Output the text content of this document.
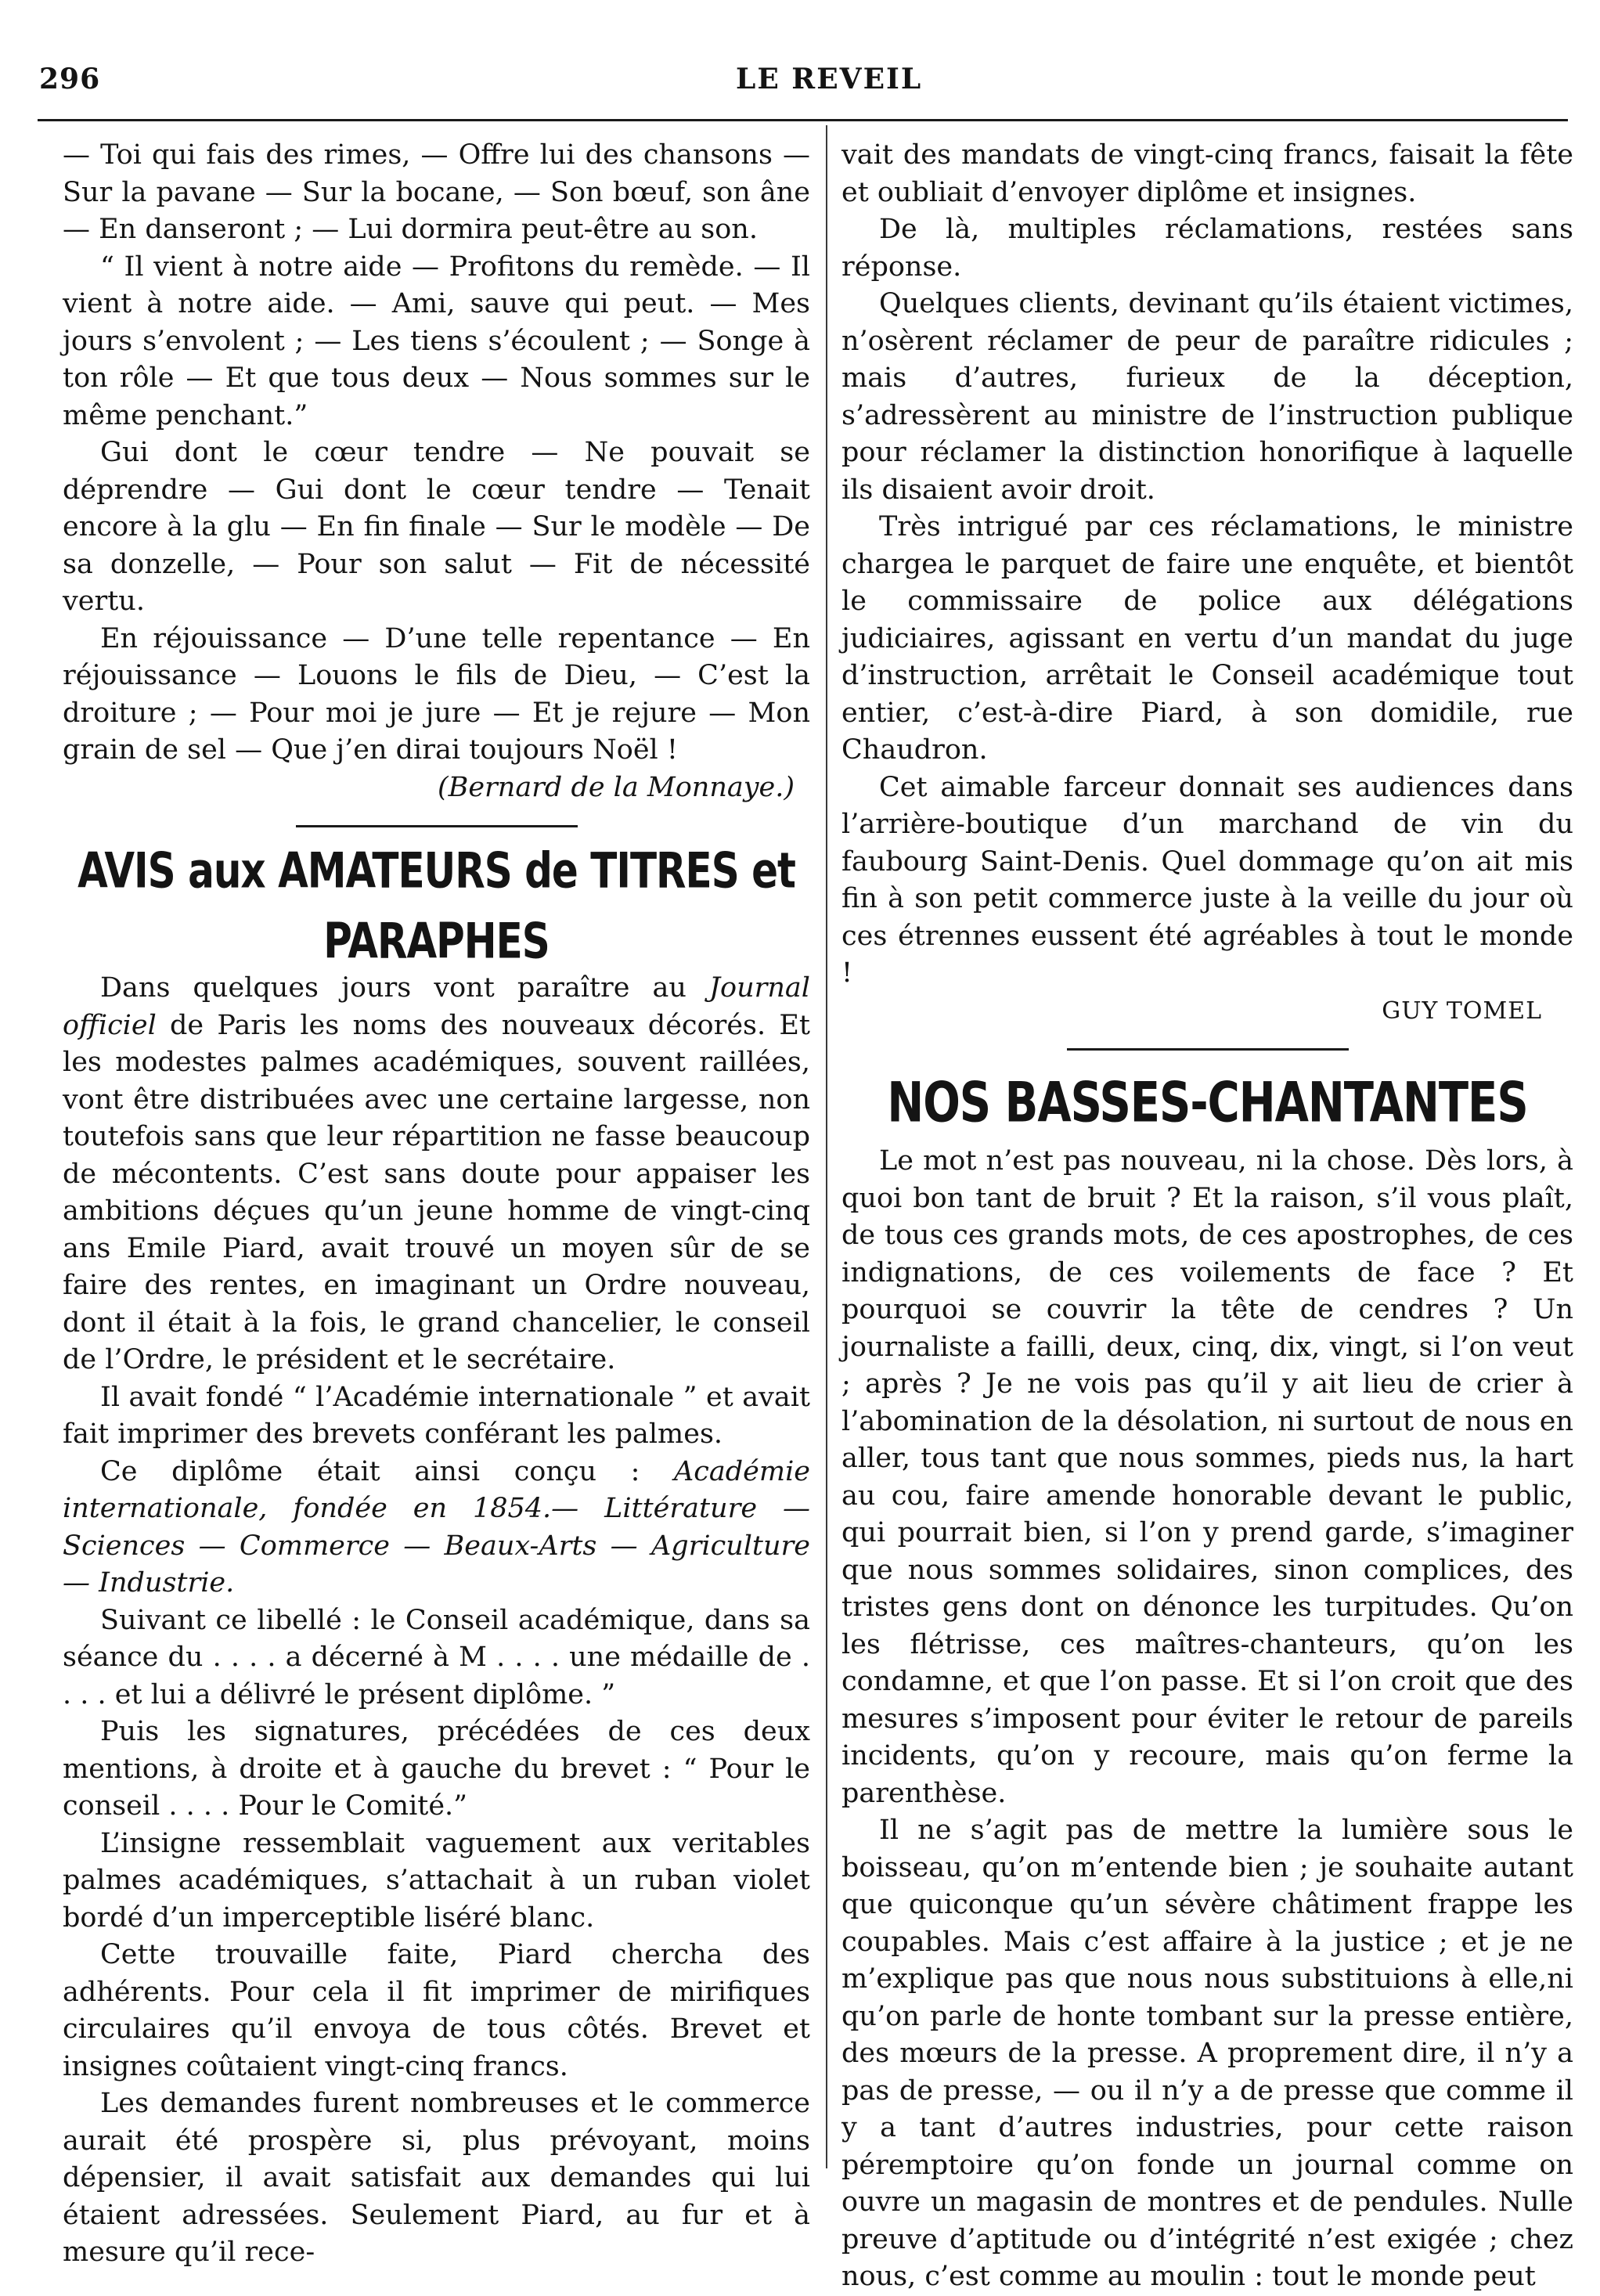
296	LE REVEIL

— Toi qui fais des rimes, — Offre lui des chansons — Sur la pavane — Sur la bocane, — Son bœuf, son âne — En danseront ; — Lui dormira peut-être au son.

“ Il vient à notre aide — Profitons du remède. — Il vient à notre aide. — Ami, sauve qui peut. — Mes jours s’envolent ; — Les tiens s’écoulent ; — Songe à ton rôle — Et que tous deux — Nous sommes sur le même penchant.”

Gui dont le cœur tendre — Ne pouvait se déprendre — Gui dont le cœur tendre — Tenait encore à la glu — En fin finale — Sur le modèle — De sa donzelle, — Pour son salut — Fit de nécessité vertu.

En réjouissance — D’une telle repentance — En réjouissance — Louons le fils de Dieu, — C’est la droiture ; — Pour moi je jure — Et je rejure — Mon grain de sel — Que j’en dirai toujours Noël !

(Bernard de la Monnaye.)

AVIS aux AMATEURS de TITRES et PARAPHES

Dans quelques jours vont paraître au Journal officiel de Paris les noms des nouveaux décorés. Et les modestes palmes académiques, souvent raillées, vont être distribuées avec une certaine largesse, non toutefois sans que leur répartition ne fasse beaucoup de mécontents. C’est sans doute pour appaiser les ambitions déçues qu’un jeune homme de vingt-cinq ans Emile Piard, avait trouvé un moyen sûr de se faire des rentes, en imaginant un Ordre nouveau, dont il était à la fois, le grand chancelier, le conseil de l’Ordre, le président et le secrétaire.

Il avait fondé “ l’Académie internationale ” et avait fait imprimer des brevets conférant les palmes.

Ce diplôme était ainsi conçu : Académie internationale, fondée en 1854.— Littérature — Sciences — Commerce — Beaux-Arts — Agriculture — Industrie.

Suivant ce libellé : le Conseil académique, dans sa séance du . . . . a décerné à M . . . . une médaille de . . . . et lui a délivré le présent diplôme. ”

Puis les signatures, précédées de ces deux mentions, à droite et à gauche du brevet : “ Pour le conseil . . . . Pour le Comité.”

L’insigne ressemblait vaguement aux veritables palmes académiques, s’attachait à un ruban violet bordé d’un imperceptible liséré blanc.

Cette trouvaille faite, Piard chercha des adhérents. Pour cela il fit imprimer de mirifiques circulaires qu’il envoya de tous côtés. Brevet et insignes coûtaient vingt-cinq francs.

Les demandes furent nombreuses et le commerce aurait été prospère si, plus prévoyant, moins dépensier, il avait satisfait aux demandes qui lui étaient adressées. Seulement Piard, au fur et à mesure qu’il rece-

vait des mandats de vingt-cinq francs, faisait la fête et oubliait d’envoyer diplôme et insignes.

De là, multiples réclamations, restées sans réponse.

Quelques clients, devinant qu’ils étaient victimes, n’osèrent réclamer de peur de paraître ridicules ; mais d’autres, furieux de la déception, s’adressèrent au ministre de l’instruction publique pour réclamer la distinction honorifique à laquelle ils disaient avoir droit.

Très intrigué par ces réclamations, le ministre chargea le parquet de faire une enquête, et bientôt le commissaire de police aux délégations judiciaires, agissant en vertu d’un mandat du juge d’instruction, arrêtait le Conseil académique tout entier, c’est-à-dire Piard, à son domidile, rue Chaudron.

Cet aimable farceur donnait ses audiences dans l’arrière-boutique d’un marchand de vin du faubourg Saint-Denis. Quel dommage qu’on ait mis fin à son petit commerce juste à la veille du jour où ces étrennes eussent été agréables à tout le monde !

GUY TOMEL

NOS BASSES-CHANTANTES

Le mot n’est pas nouveau, ni la chose. Dès lors, à quoi bon tant de bruit ? Et la raison, s’il vous plaît, de tous ces grands mots, de ces apostrophes, de ces indignations, de ces voilements de face ? Et pourquoi se couvrir la tête de cendres ? Un journaliste a failli, deux, cinq, dix, vingt, si l’on veut ; après ? Je ne vois pas qu’il y ait lieu de crier à l’abomination de la désolation, ni surtout de nous en aller, tous tant que nous sommes, pieds nus, la hart au cou, faire amende honorable devant le public, qui pourrait bien, si l’on y prend garde, s’imaginer que nous sommes solidaires, sinon complices, des tristes gens dont on dénonce les turpitudes. Qu’on les flétrisse, ces maîtres-chanteurs, qu’on les condamne, et que l’on passe. Et si l’on croit que des mesures s’imposent pour éviter le retour de pareils incidents, qu’on y recoure, mais qu’on ferme la parenthèse.

Il ne s’agit pas de mettre la lumière sous le boisseau, qu’on m’entende bien ; je souhaite autant que quiconque qu’un sévère châtiment frappe les coupables. Mais c’est affaire à la justice ; et je ne m’explique pas que nous nous substituions à elle,ni qu’on parle de honte tombant sur la presse entière, des mœurs de la presse. A proprement dire, il n’y a pas de presse, — ou il n’y a de presse que comme il y a tant d’autres industries, pour cette raison péremptoire qu’on fonde un journal comme on ouvre un magasin de montres et de pendules. Nulle preuve d’aptitude ou d’intégrité n’est exigée ; chez nous, c’est comme au moulin : tout le monde peut
